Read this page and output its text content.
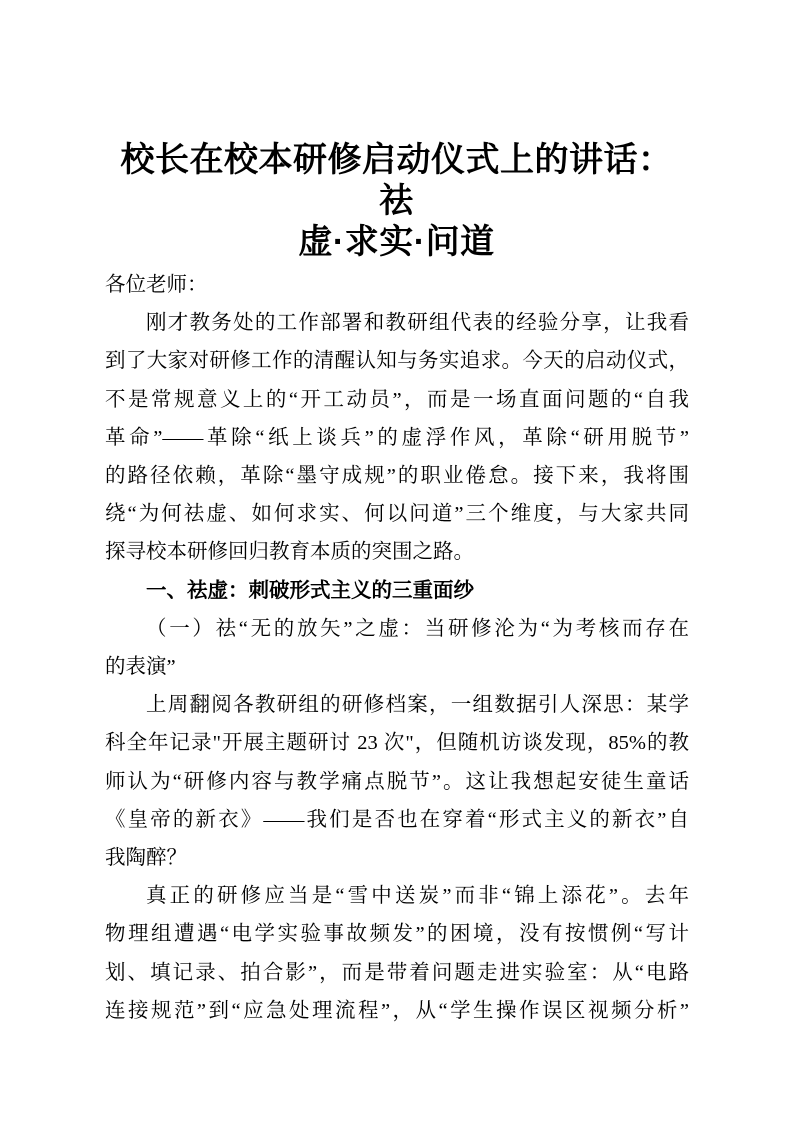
校长在校本研修启动仪式上的讲话：祛
虚·求实·问道
各位老师：
刚才教务处的工作部署和教研组代表的经验分享，让我看
到了大家对研修工作的清醒认知与务实追求。今天的启动仪式，
不是常规意义上的“开工动员”，而是一场直面问题的“自我
革命”——革除“纸上谈兵”的虚浮作风，革除“研用脱节”
的路径依赖，革除“墨守成规”的职业倦怠。接下来，我将围
绕“为何祛虚、如何求实、何以问道”三个维度，与大家共同
探寻校本研修回归教育本质的突围之路。
一、祛虚：刺破形式主义的三重面纱
（一）祛“无的放矢”之虚：当研修沦为“为考核而存在
的表演”
上周翻阅各教研组的研修档案，一组数据引人深思：某学
科全年记录"开展主题研讨 23 次"，但随机访谈发现，85%的教
师认为“研修内容与教学痛点脱节”。这让我想起安徒生童话
《皇帝的新衣》——我们是否也在穿着“形式主义的新衣”自
我陶醉？
真正的研修应当是“雪中送炭”而非“锦上添花”。去年
物理组遭遇“电学实验事故频发”的困境，没有按惯例“写计
划、填记录、拍合影”，而是带着问题走进实验室：从“电路
连接规范”到“应急处理流程”，从“学生操作误区视频分析”
